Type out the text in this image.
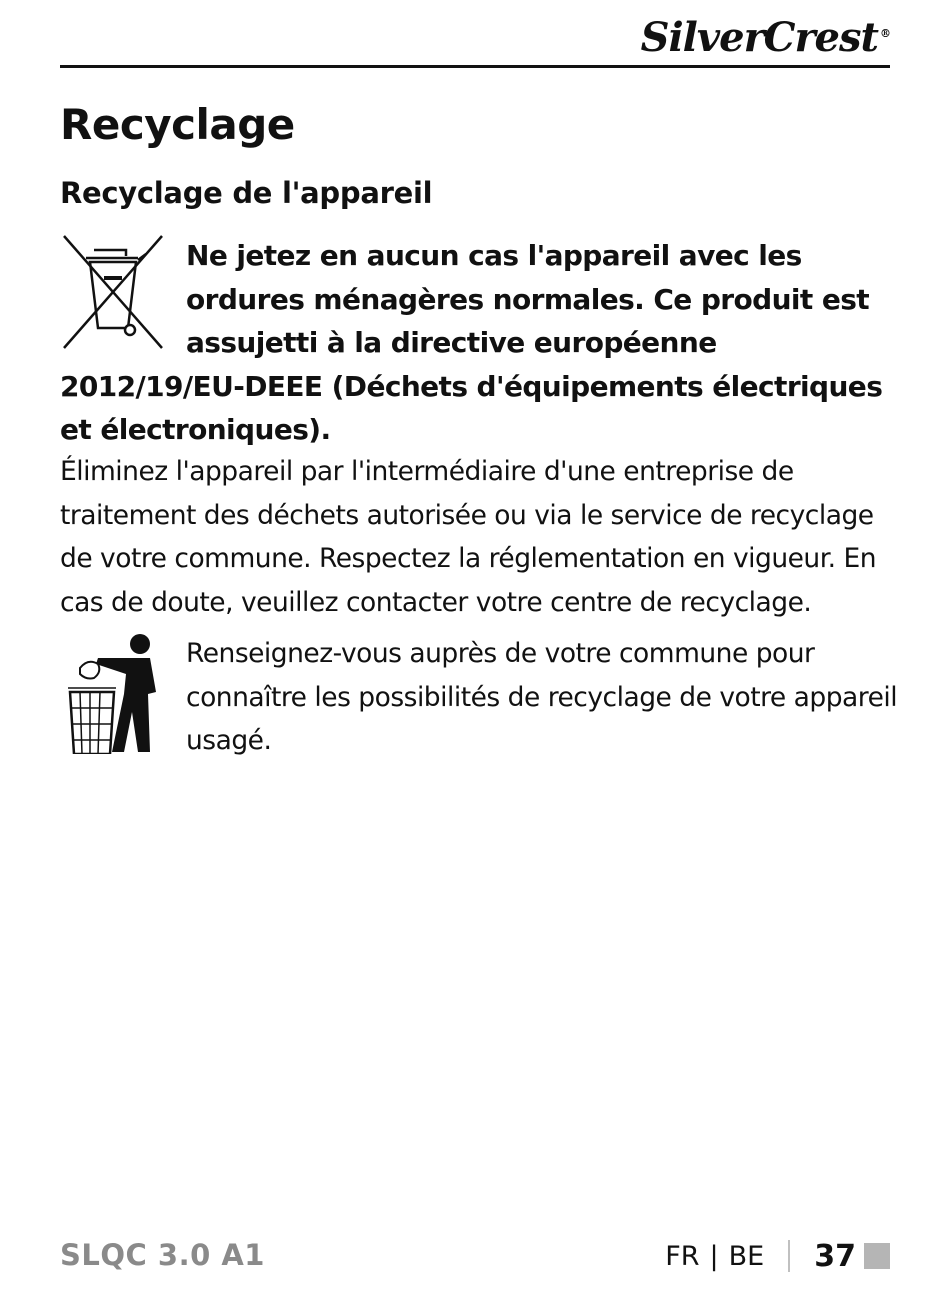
SilverCrest ®
Recyclage
Recyclage de l'appareil

Ne jetez en aucun cas l'appareil avec les ordures ménagères normales. Ce produit est assujetti à la directive européenne 2012/19/EU-DEEE (Déchets d'équipements électriques et électroniques).

Éliminez l'appareil par l'intermédiaire d'une entreprise de traitement des déchets autorisée ou via le service de recyclage de votre commune. Respectez la réglementation en vigueur. En cas de doute, veuillez contacter votre centre de recyclage.

Renseignez-vous auprès de votre commune pour connaître les possibilités de recyclage de votre appareil usagé.

SLQC 3.0 A1	FR | BE 37
